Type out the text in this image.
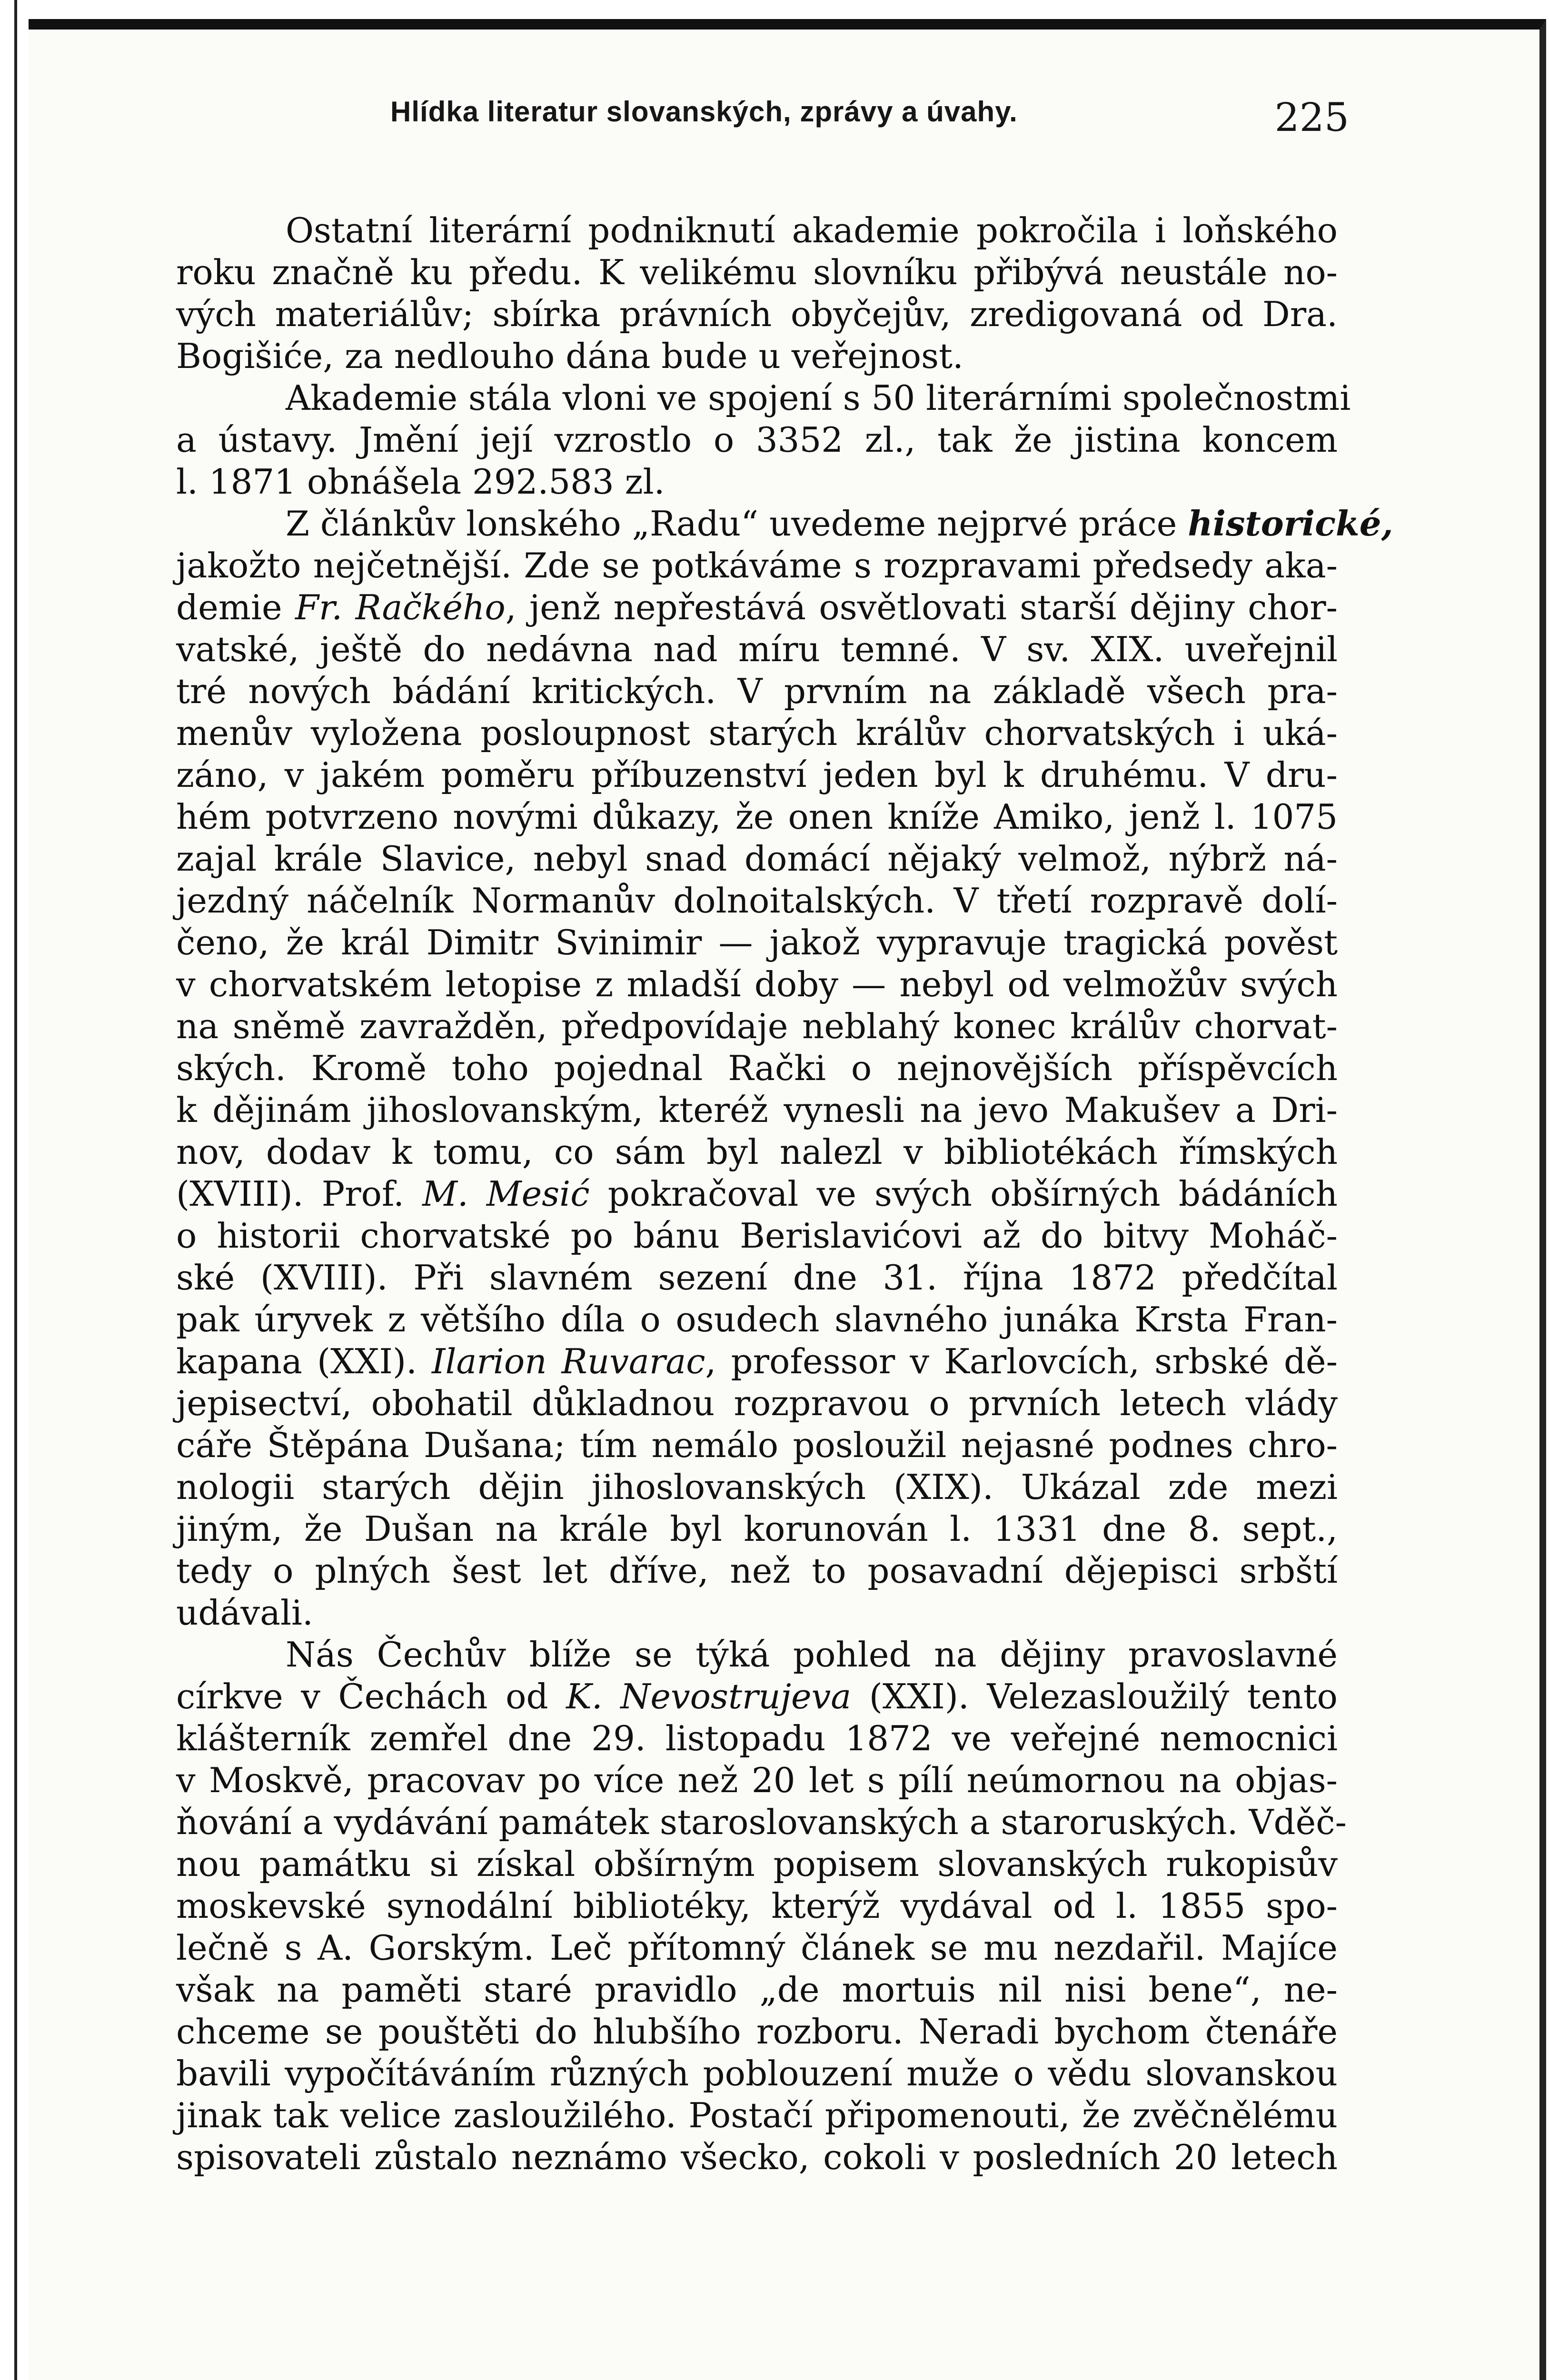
Hlídka literatur slovanských, zprávy a úvahy.	225
Ostatní literární podniknutí akademie pokročila i loňského
roku značně ku předu. K velikému slovníku přibývá neustále no-
vých materiálův; sbírka právních obyčejův, zredigovaná od Dra.
Bogišiće, za nedlouho dána bude u veřejnost.
Akademie stála vloni ve spojení s 50 literárními společnostmi
a ústavy. Jmění její vzrostlo o 3352 zl., tak že jistina koncem
l. 1871 obnášela 292.583 zl.
Z článkův lonského „Radu“ uvedeme nejprvé práce historické,
jakožto nejčetnější. Zde se potkáváme s rozpravami předsedy aka-
demie Fr. Račkého, jenž nepřestává osvětlovati starší dějiny chor-
vatské, ještě do nedávna nad míru temné. V sv. XIX. uveřejnil
tré nových bádání kritických. V prvním na základě všech pra-
menův vyložena posloupnost starých králův chorvatských i uká-
záno, v jakém poměru příbuzenství jeden byl k druhému. V dru-
hém potvrzeno novými důkazy, že onen kníže Amiko, jenž l. 1075
zajal krále Slavice, nebyl snad domácí nějaký velmož, nýbrž ná-
jezdný náčelník Normanův dolnoitalských. V třetí rozpravě dolí-
čeno, že král Dimitr Svinimir — jakož vypravuje tragická pověst
v chorvatském letopise z mladší doby — nebyl od velmožův svých
na sněmě zavražděn, předpovídaje neblahý konec králův chorvat-
ských. Kromě toho pojednal Rački o nejnovějších příspěvcích
k dějinám jihoslovanským, kteréž vynesli na jevo Makušev a Dri-
nov, dodav k tomu, co sám byl nalezl v bibliotékách římských
(XVIII). Prof. M. Mesić pokračoval ve svých obšírných bádáních
o historii chorvatské po bánu Berislavićovi až do bitvy Moháč-
ské (XVIII). Při slavném sezení dne 31. října 1872 předčítal
pak úryvek z většího díla o osudech slavného junáka Krsta Fran-
kapana (XXI). Ilarion Ruvarac, professor v Karlovcích, srbské dě-
jepisectví, obohatil důkladnou rozpravou o prvních letech vlády
cáře Štěpána Dušana; tím nemálo posloužil nejasné podnes chro-
nologii starých dějin jihoslovanských (XIX). Ukázal zde mezi
jiným, že Dušan na krále byl korunován l. 1331 dne 8. sept.,
tedy o plných šest let dříve, než to posavadní dějepisci srbští
udávali.
Nás Čechův blíže se týká pohled na dějiny pravoslavné
církve v Čechách od K. Nevostrujeva (XXI). Velezasloužilý tento
klášterník zemřel dne 29. listopadu 1872 ve veřejné nemocnici
v Moskvě, pracovav po více než 20 let s pílí neúmornou na objas-
ňování a vydávání památek staroslovanských a staroruských. Vděč-
nou památku si získal obšírným popisem slovanských rukopisův
moskevské synodální bibliotéky, kterýž vydával od l. 1855 spo-
lečně s A. Gorským. Leč přítomný článek se mu nezdařil. Majíce
však na paměti staré pravidlo „de mortuis nil nisi bene“, ne-
chceme se pouštěti do hlubšího rozboru. Neradi bychom čtenáře
bavili vypočítáváním různých poblouzení muže o vědu slovanskou
jinak tak velice zasloužilého. Postačí připomenouti, že zvěčnělému
spisovateli zůstalo neznámo všecko, cokoli v posledních 20 letech
